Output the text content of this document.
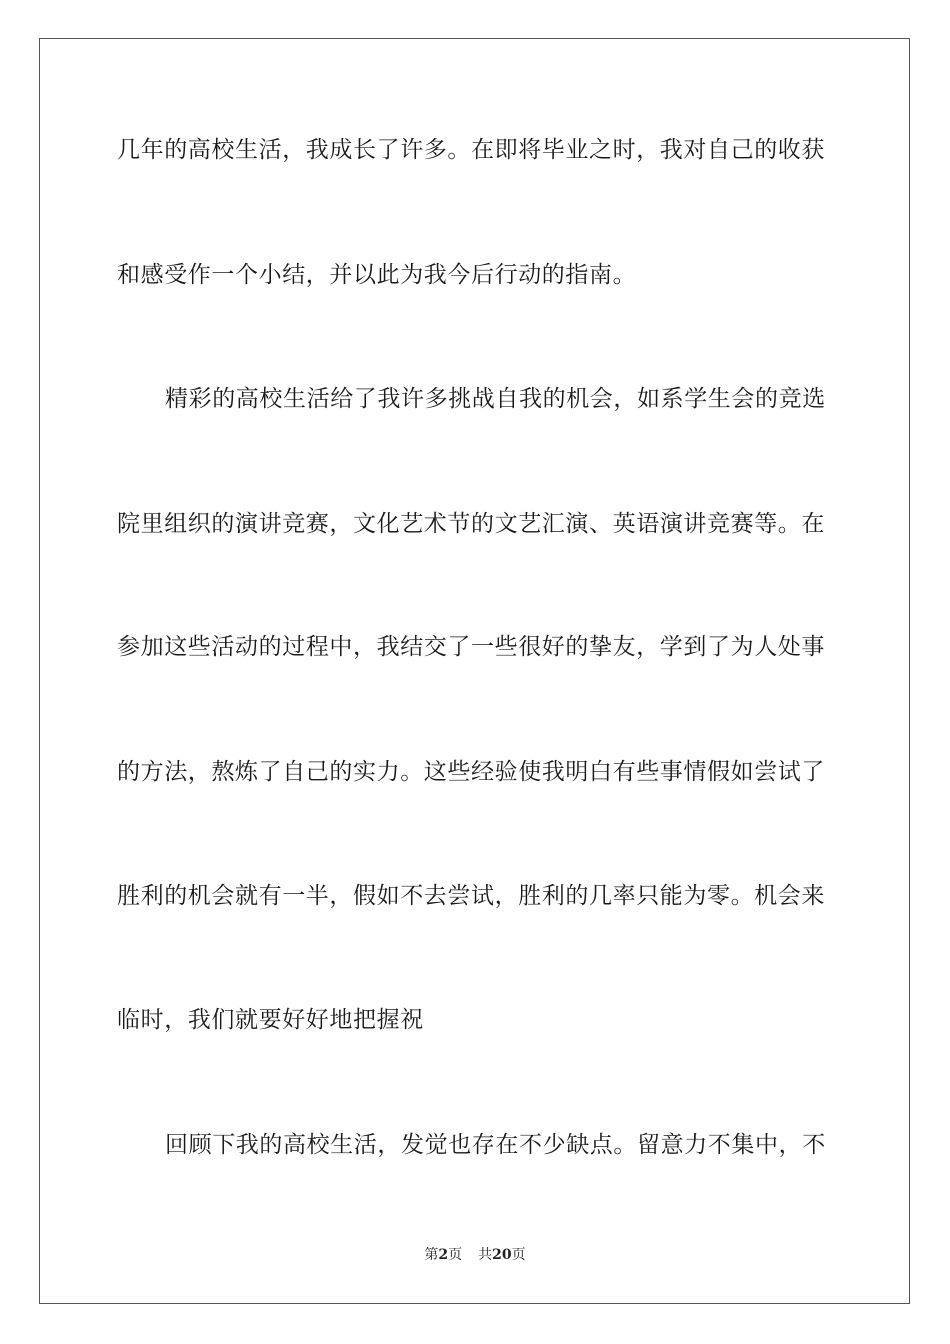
几年的高校生活，我成长了许多。在即将毕业之时，我对自己的收获
和感受作一个小结，并以此为我今后行动的指南。
精彩的高校生活给了我许多挑战自我的机会，如系学生会的竞选
院里组织的演讲竞赛，文化艺术节的文艺汇演、英语演讲竞赛等。在
参加这些活动的过程中，我结交了一些很好的挚友，学到了为人处事
的方法，熬炼了自己的实力。这些经验使我明白有些事情假如尝试了
胜利的机会就有一半，假如不去尝试，胜利的几率只能为零。机会来
临时，我们就要好好地把握祝
回顾下我的高校生活，发觉也存在不少缺点。留意力不集中，不
第2页 共20页
